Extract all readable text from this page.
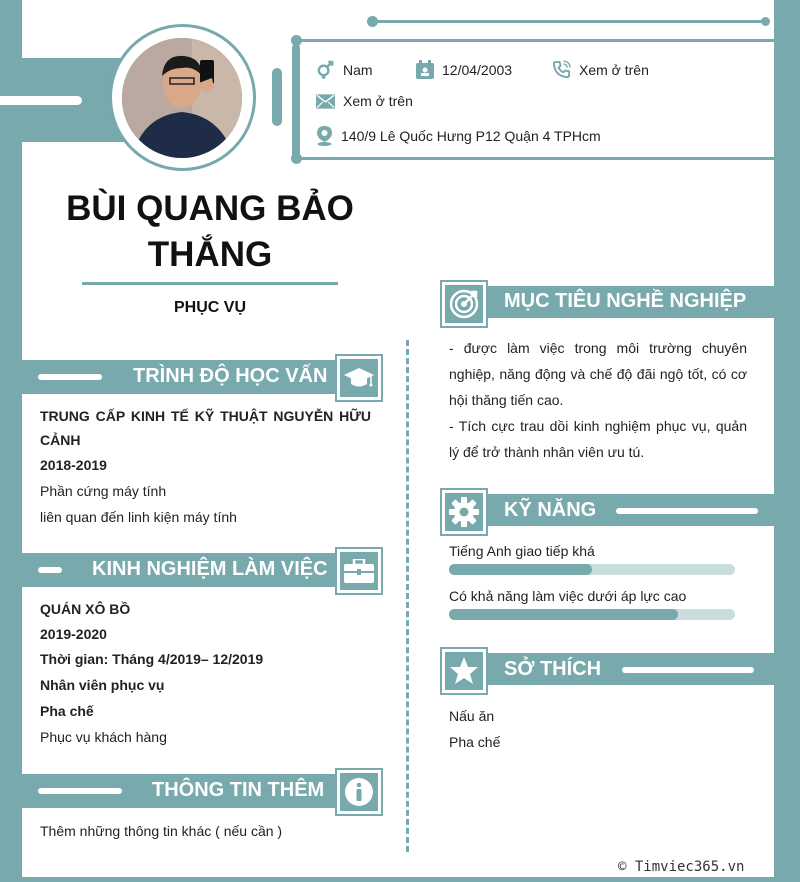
Nam	12/04/2003	Xem ở trên
Xem ở trên
140/9 Lê Quốc Hưng P12 Quận 4 TPHcm
BÙI QUANG BẢO
THẮNG
PHỤC VỤ
TRÌNH ĐỘ HỌC VẤN
TRUNG CẤP KINH TẾ KỸ THUẬT NGUYỄN HỮU CẢNH
2018-2019
Phần cứng máy tính
liên quan đến linh kiện máy tính
KINH NGHIỆM LÀM VIỆC
QUÁN XÔ BỒ
2019-2020
Thời gian: Tháng 4/2019– 12/2019
Nhân viên phục vụ
Pha chế
Phục vụ khách hàng
THÔNG TIN THÊM
Thêm những thông tin khác ( nếu cần )
MỤC TIÊU NGHỀ NGHIỆP
- được làm việc trong môi trường chuyên nghiệp, năng động và chế độ đãi ngộ tốt, có cơ hội thăng tiến cao.
- Tích cực trau dồi kinh nghiệm phục vụ, quản lý để trở thành nhân viên ưu tú.
KỸ NĂNG
Tiếng Anh giao tiếp khá
Có khả năng làm việc dưới áp lực cao
SỞ THÍCH
Nấu ăn
Pha chế
© Timviec365.vn
